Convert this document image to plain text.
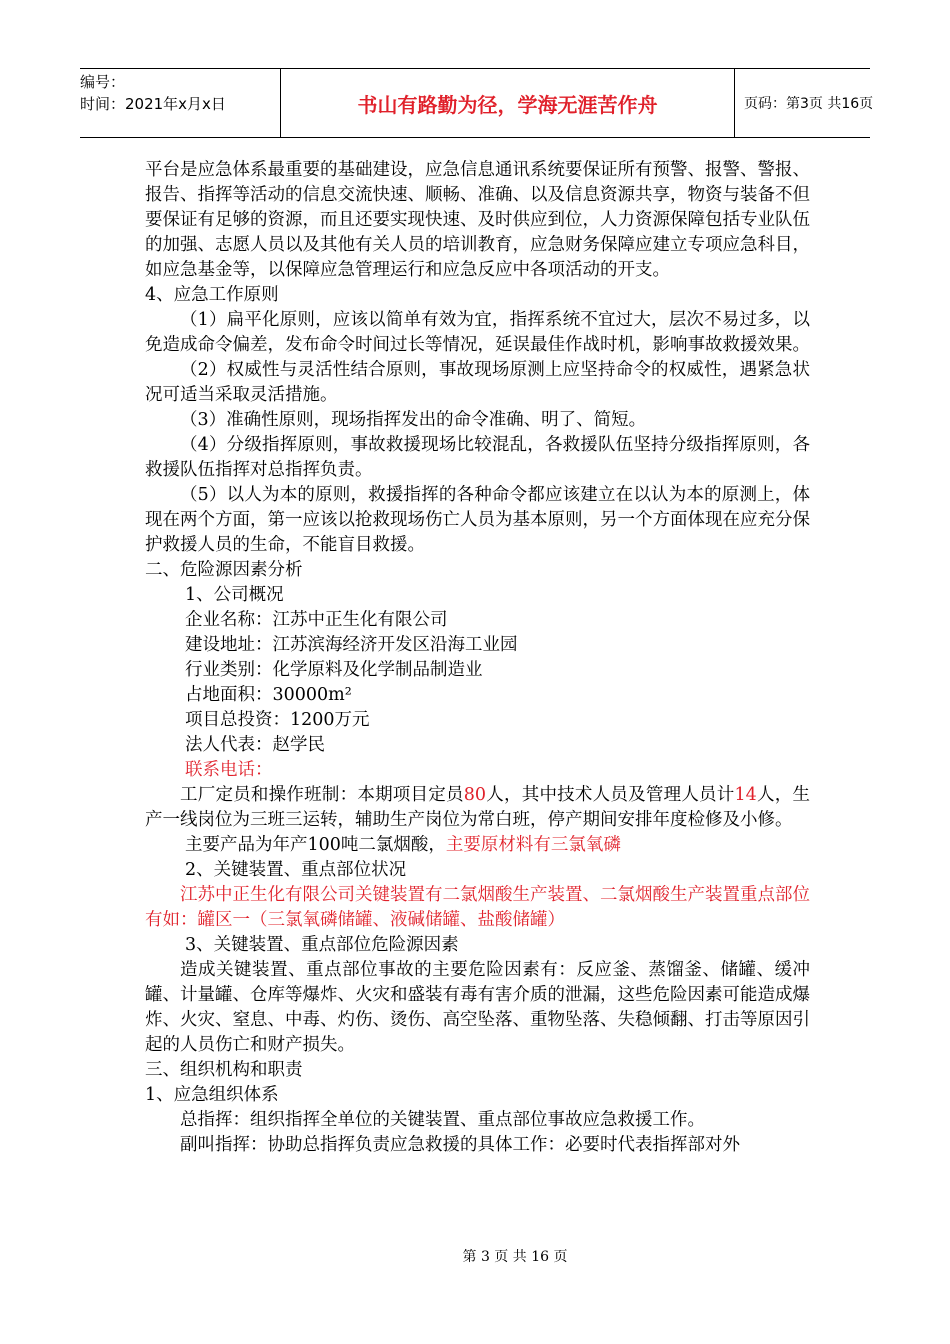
编号：
时间：2021年x月x日	书山有路勤为径，学海无涯苦作舟	页码：第3页 共16页

平台是应急体系最重要的基础建设，应急信息通讯系统要保证所有预警、报警、警报、报告、指挥等活动的信息交流快速、顺畅、准确、以及信息资源共享，物资与装备不但要保证有足够的资源，而且还要实现快速、及时供应到位，人力资源保障包括专业队伍的加强、志愿人员以及其他有关人员的培训教育，应急财务保障应建立专项应急科目，如应急基金等，以保障应急管理运行和应急反应中各项活动的开支。

4、应急工作原则

（1）扁平化原则，应该以简单有效为宜，指挥系统不宜过大，层次不易过多，以免造成命令偏差，发布命令时间过长等情况，延误最佳作战时机，影响事故救援效果。

（2）权威性与灵活性结合原则，事故现场原测上应坚持命令的权威性，遇紧急状况可适当采取灵活措施。

（3）准确性原则，现场指挥发出的命令准确、明了、简短。

（4）分级指挥原则，事故救援现场比较混乱，各救援队伍坚持分级指挥原则，各救援队伍指挥对总指挥负责。

（5）以人为本的原则，救援指挥的各种命令都应该建立在以认为本的原测上，体现在两个方面，第一应该以抢救现场伤亡人员为基本原则，另一个方面体现在应充分保护救援人员的生命，不能盲目救援。

二、危险源因素分析

1、公司概况

企业名称：江苏中正生化有限公司

建设地址：江苏滨海经济开发区沿海工业园

行业类别：化学原料及化学制品制造业

占地面积：30000m²

项目总投资：1200万元

法人代表：赵学民

联系电话：

工厂定员和操作班制：本期项目定员80人，其中技术人员及管理人员计14人，生产一线岗位为三班三运转，辅助生产岗位为常白班，停产期间安排年度检修及小修。

主要产品为年产100吨二氯烟酸，主要原材料有三氯氧磷

2、关键装置、重点部位状况

江苏中正生化有限公司关键装置有二氯烟酸生产装置、二氯烟酸生产装置重点部位有如：罐区一（三氯氧磷储罐、液碱储罐、盐酸储罐）

3、关键装置、重点部位危险源因素

造成关键装置、重点部位事故的主要危险因素有：反应釜、蒸馏釜、储罐、缓冲罐、计量罐、仓库等爆炸、火灾和盛装有毒有害介质的泄漏，这些危险因素可能造成爆炸、火灾、窒息、中毒、灼伤、烫伤、高空坠落、重物坠落、失稳倾翻、打击等原因引起的人员伤亡和财产损失。

三、组织机构和职责

1、应急组织体系

总指挥：组织指挥全单位的关键装置、重点部位事故应急救援工作。

副叫指挥：协助总指挥负责应急救援的具体工作：必要时代表指挥部对外

第 3 页 共 16 页
